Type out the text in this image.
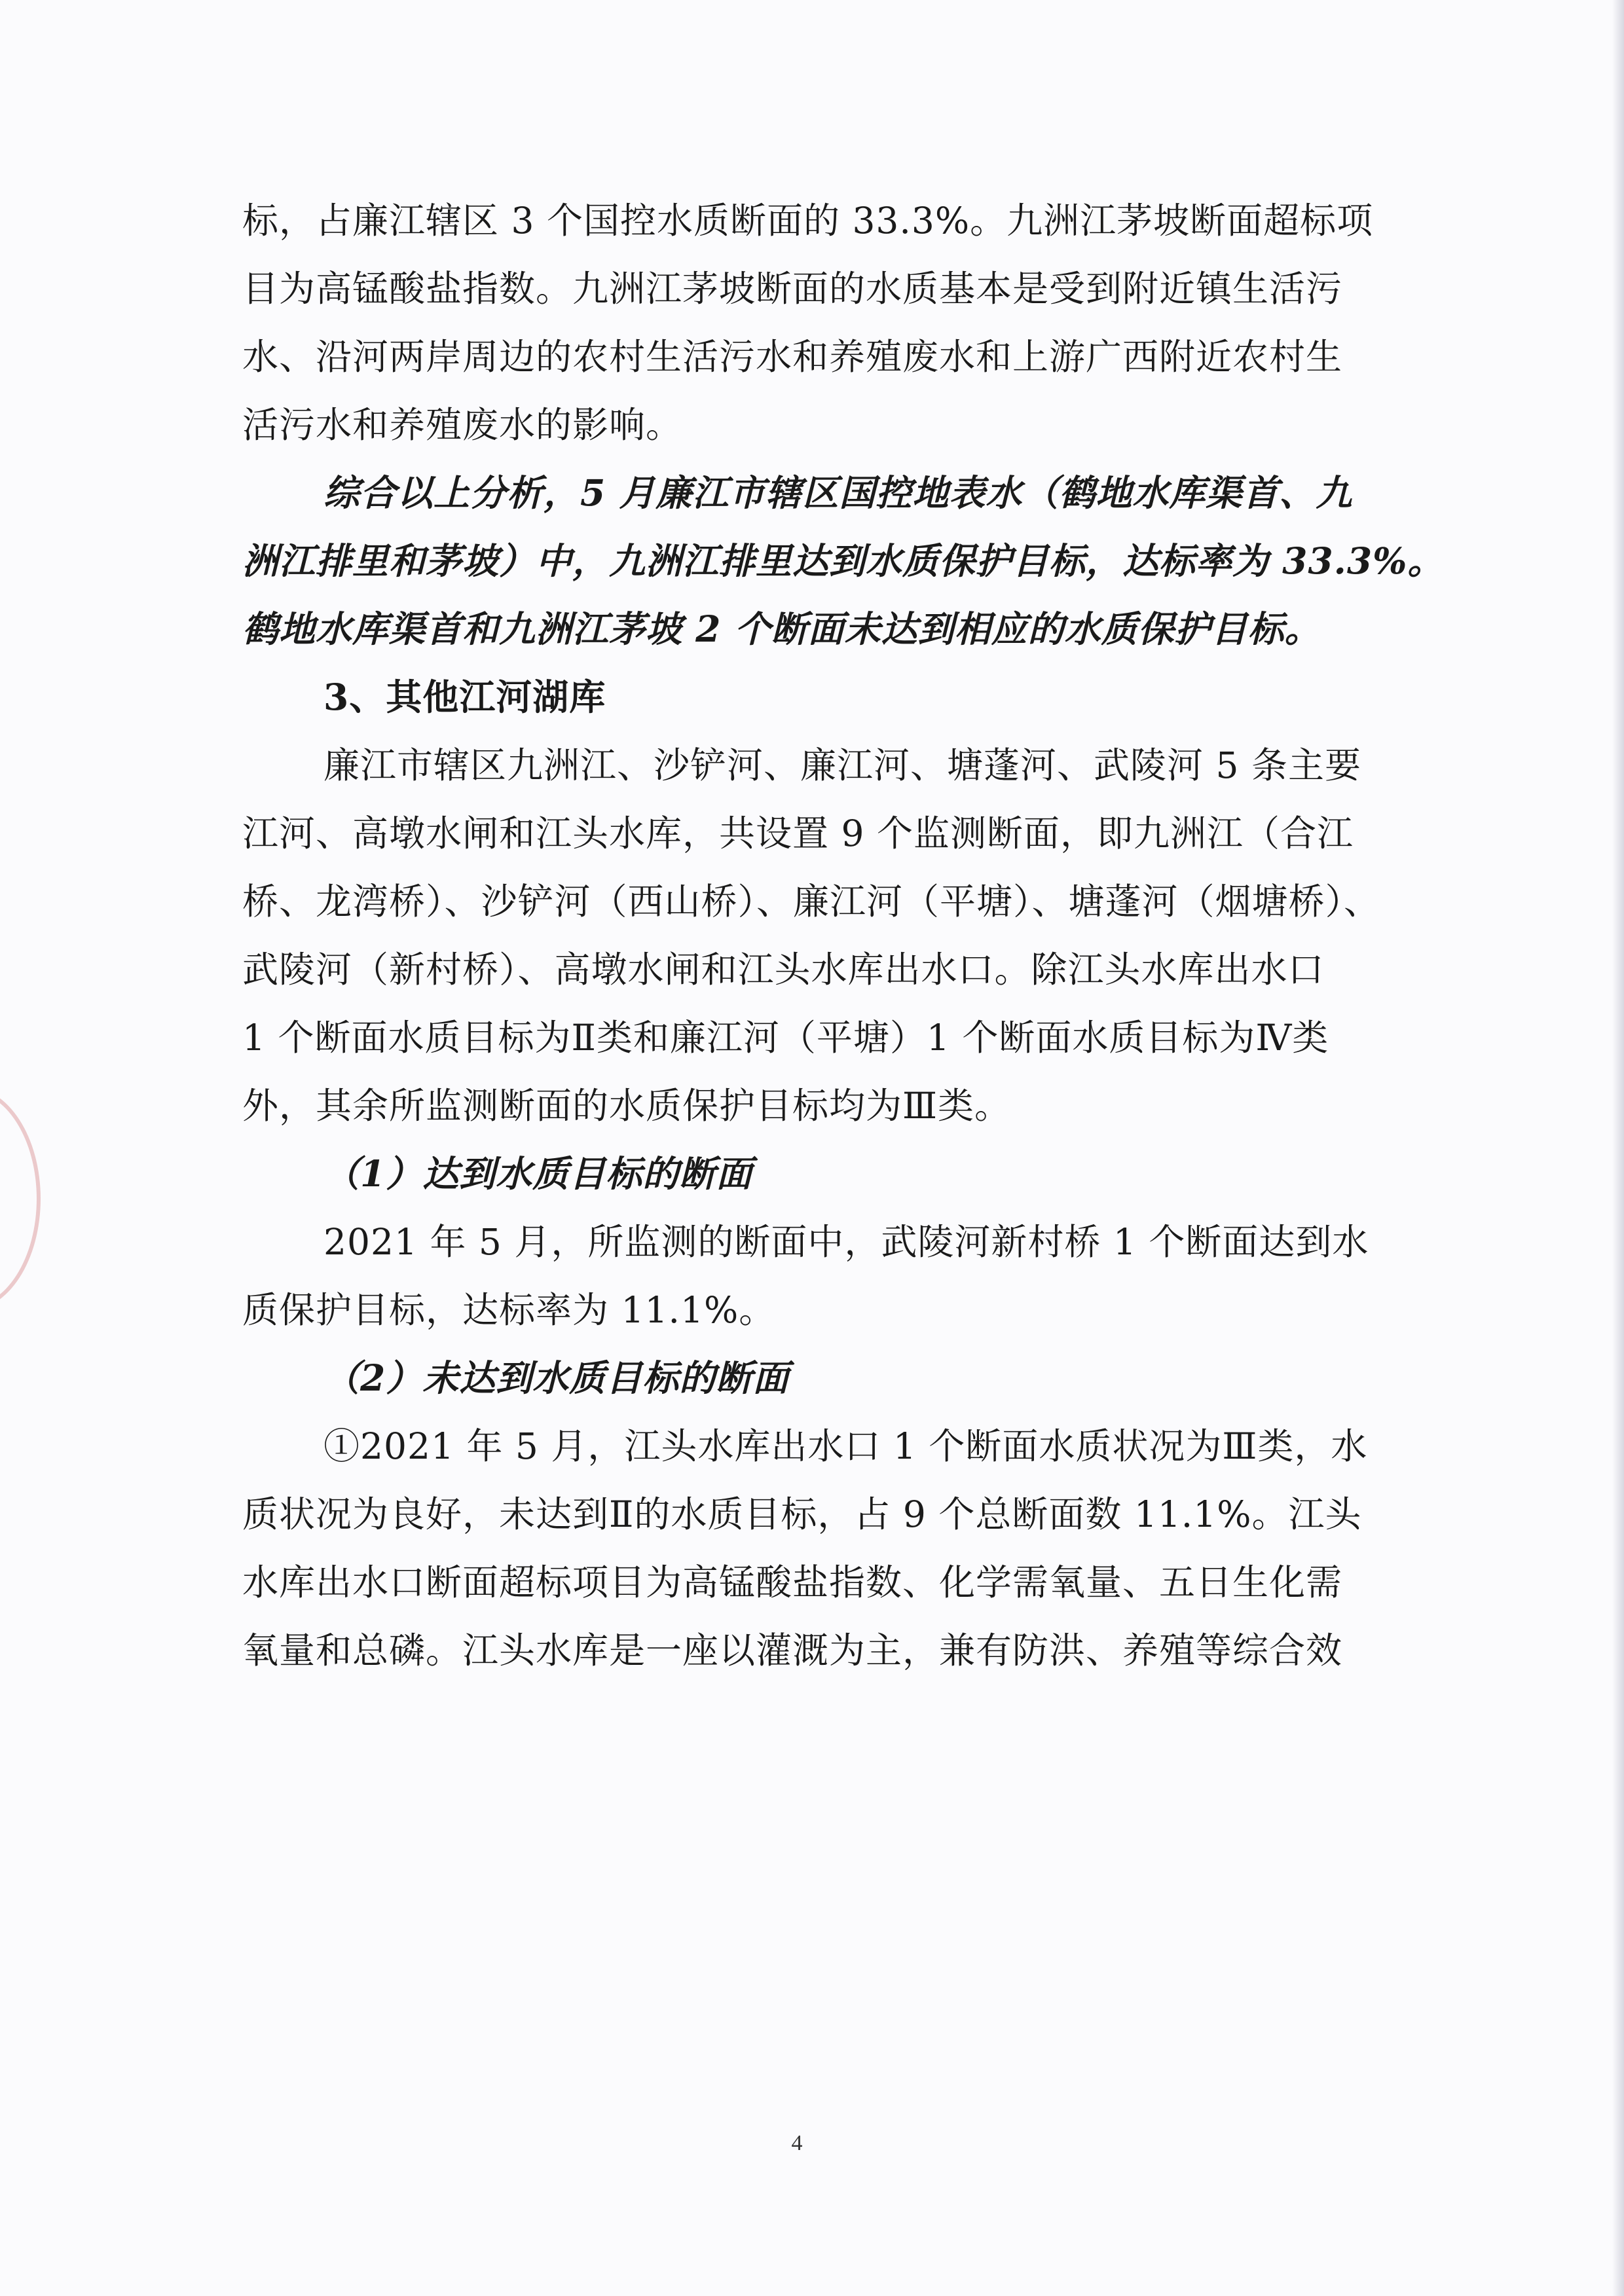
标，占廉江辖区 3 个国控水质断面的 33.3%。九洲江茅坡断面超标项
目为高锰酸盐指数。九洲江茅坡断面的水质基本是受到附近镇生活污
水、沿河两岸周边的农村生活污水和养殖废水和上游广西附近农村生
活污水和养殖废水的影响。
综合以上分析，5 月廉江市辖区国控地表水（鹤地水库渠首、九
洲江排里和茅坡）中，九洲江排里达到水质保护目标，达标率为 33.3%。
鹤地水库渠首和九洲江茅坡 2 个断面未达到相应的水质保护目标。
3、其他江河湖库
廉江市辖区九洲江、沙铲河、廉江河、塘蓬河、武陵河 5 条主要
江河、高墩水闸和江头水库，共设置 9 个监测断面，即九洲江（合江
桥、龙湾桥）、沙铲河（西山桥）、廉江河（平塘）、塘蓬河（烟塘桥）、
武陵河（新村桥）、高墩水闸和江头水库出水口。除江头水库出水口
1 个断面水质目标为Ⅱ类和廉江河（平塘）1 个断面水质目标为Ⅳ类
外，其余所监测断面的水质保护目标均为Ⅲ类。
（1）达到水质目标的断面
2021 年 5 月，所监测的断面中，武陵河新村桥 1 个断面达到水
质保护目标，达标率为 11.1%。
（2）未达到水质目标的断面
①2021 年 5 月，江头水库出水口 1 个断面水质状况为Ⅲ类，水
质状况为良好，未达到Ⅱ的水质目标，占 9 个总断面数 11.1%。江头
水库出水口断面超标项目为高锰酸盐指数、化学需氧量、五日生化需
氧量和总磷。江头水库是一座以灌溉为主，兼有防洪、养殖等综合效
4
